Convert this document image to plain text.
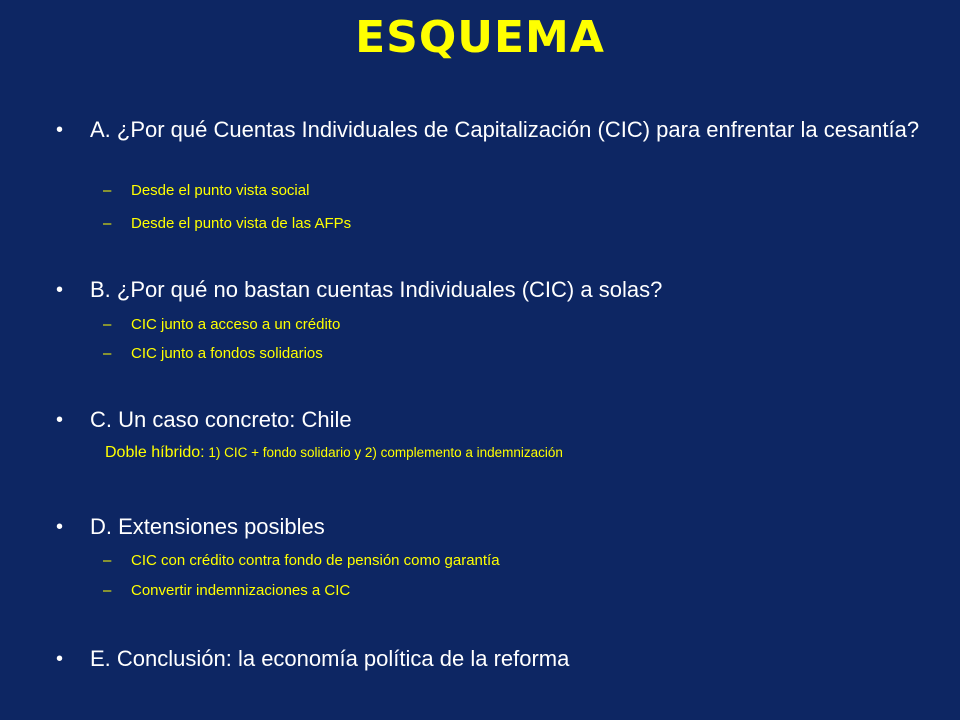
ESQUEMA
• A. ¿Por qué Cuentas Individuales de Capitalización (CIC) para enfrentar la cesantía?
– Desde el punto vista social
– Desde el punto vista de las AFPs
• B. ¿Por qué no bastan cuentas Individuales (CIC) a solas?
– CIC junto a acceso a un crédito
– CIC junto a fondos solidarios
• C. Un caso concreto: Chile
Doble híbrido: 1) CIC + fondo solidario y 2) complemento a indemnización
• D. Extensiones posibles
– CIC con crédito contra fondo de pensión como garantía
– Convertir indemnizaciones a CIC
• E. Conclusión: la economía política de la reforma
